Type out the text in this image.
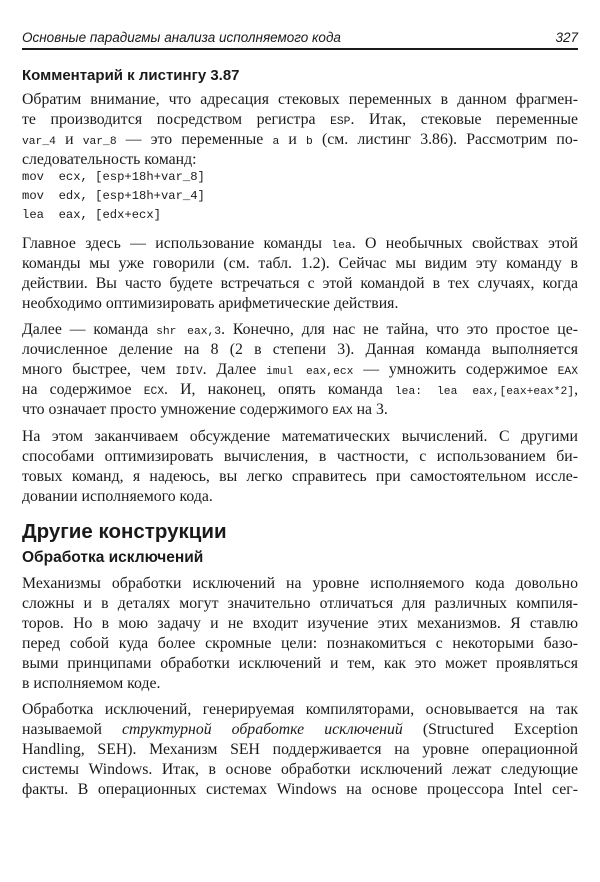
Основные парадигмы анализа исполняемого кода	327
Комментарий к листингу 3.87
Обратим внимание, что адресация стековых переменных в данном фрагмен-
те производится посредством регистра ESP. Итак, стековые переменные
var_4 и var_8 — это переменные a и b (см. листинг 3.86). Рассмотрим по-
следовательность команд:
mov  ecx, [esp+18h+var_8]
mov  edx, [esp+18h+var_4]
lea  eax, [edx+ecx]
Главное здесь — использование команды lea. О необычных свойствах этой
команды мы уже говорили (см. табл. 1.2). Сейчас мы видим эту команду в
действии. Вы часто будете встречаться с этой командой в тех случаях, когда
необходимо оптимизировать арифметические действия.
Далее — команда shr eax,3. Конечно, для нас не тайна, что это простое це-
лочисленное деление на 8 (2 в степени 3). Данная команда выполняется
много быстрее, чем IDIV. Далее imul eax,ecx — умножить содержимое EAX
на содержимое ECX. И, наконец, опять команда lea: lea eax,[eax+eax*2],
что означает просто умножение содержимого EAX на 3.
На этом заканчиваем обсуждение математических вычислений. С другими
способами оптимизировать вычисления, в частности, с использованием би-
товых команд, я надеюсь, вы легко справитесь при самостоятельном иссле-
довании исполняемого кода.
Другие конструкции
Обработка исключений
Механизмы обработки исключений на уровне исполняемого кода довольно
сложны и в деталях могут значительно отличаться для различных компиля-
торов. Но в мою задачу и не входит изучение этих механизмов. Я ставлю
перед собой куда более скромные цели: познакомиться с некоторыми базо-
выми принципами обработки исключений и тем, как это может проявляться
в исполняемом коде.
Обработка исключений, генерируемая компиляторами, основывается на так
называемой структурной обработке исключений (Structured Exception
Handling, SEH). Механизм SEH поддерживается на уровне операционной
системы Windows. Итак, в основе обработки исключений лежат следующие
факты. В операционных системах Windows на основе процессора Intel сег-
